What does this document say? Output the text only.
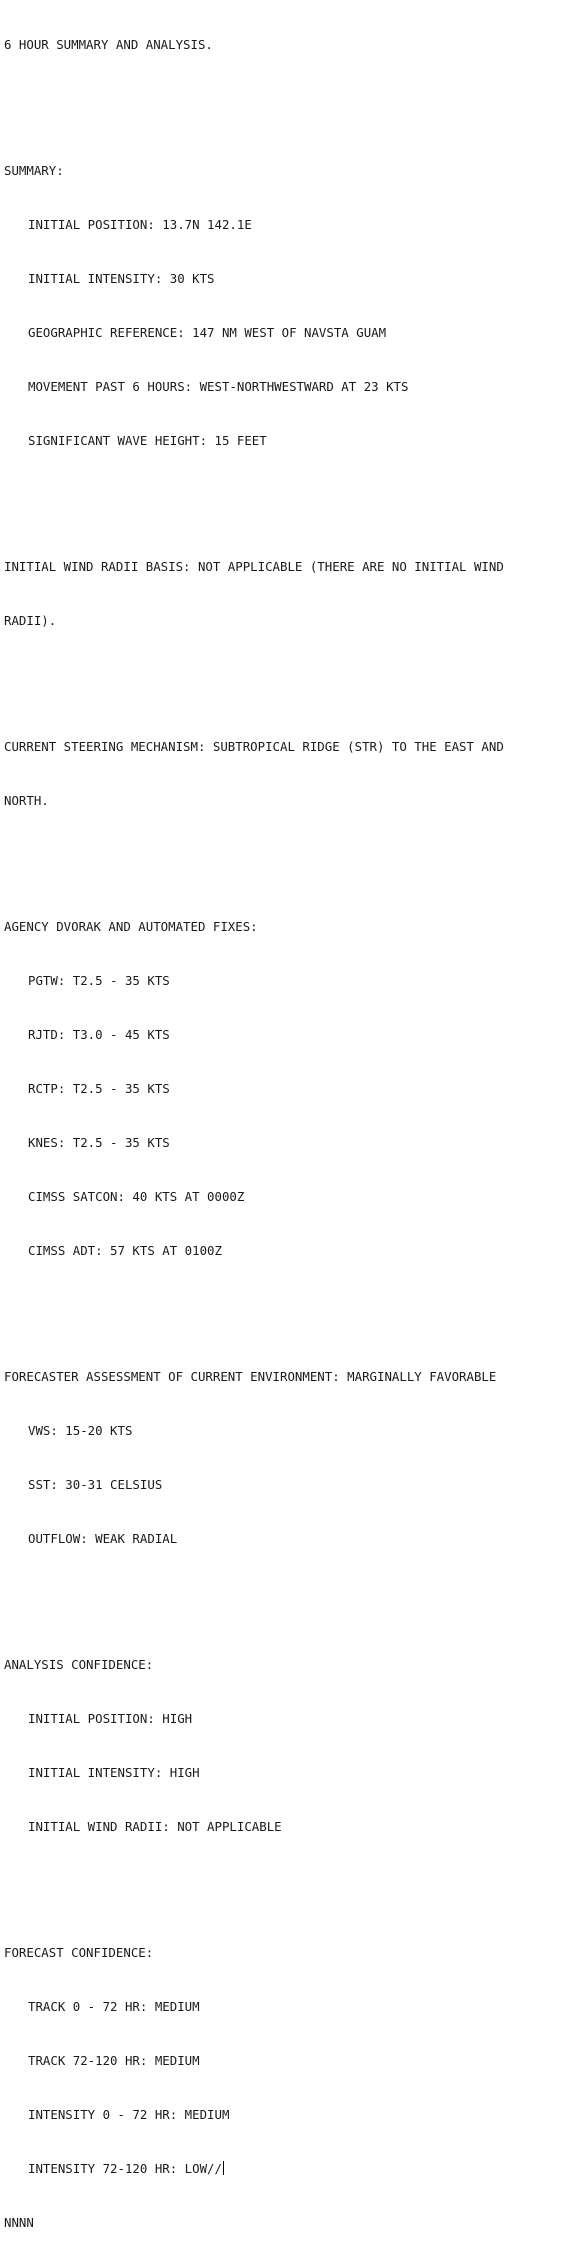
6 HOUR SUMMARY AND ANALYSIS.

SUMMARY:

INITIAL POSITION: 13.7N 142.1E

INITIAL INTENSITY: 30 KTS

GEOGRAPHIC REFERENCE: 147 NM WEST OF NAVSTA GUAM

MOVEMENT PAST 6 HOURS: WEST-NORTHWESTWARD AT 23 KTS

SIGNIFICANT WAVE HEIGHT: 15 FEET

INITIAL WIND RADII BASIS: NOT APPLICABLE (THERE ARE NO INITIAL WIND

RADII).

CURRENT STEERING MECHANISM: SUBTROPICAL RIDGE (STR) TO THE EAST AND

NORTH.

AGENCY DVORAK AND AUTOMATED FIXES:

PGTW: T2.5 - 35 KTS

RJTD: T3.0 - 45 KTS

RCTP: T2.5 - 35 KTS

KNES: T2.5 - 35 KTS

CIMSS SATCON: 40 KTS AT 0000Z

CIMSS ADT: 57 KTS AT 0100Z

FORECASTER ASSESSMENT OF CURRENT ENVIRONMENT: MARGINALLY FAVORABLE

VWS: 15-20 KTS

SST: 30-31 CELSIUS

OUTFLOW: WEAK RADIAL

ANALYSIS CONFIDENCE:

INITIAL POSITION: HIGH

INITIAL INTENSITY: HIGH

INITIAL WIND RADII: NOT APPLICABLE

FORECAST CONFIDENCE:

TRACK 0 - 72 HR: MEDIUM

TRACK 72-120 HR: MEDIUM

INTENSITY 0 - 72 HR: MEDIUM

INTENSITY 72-120 HR: LOW//

NNNN
